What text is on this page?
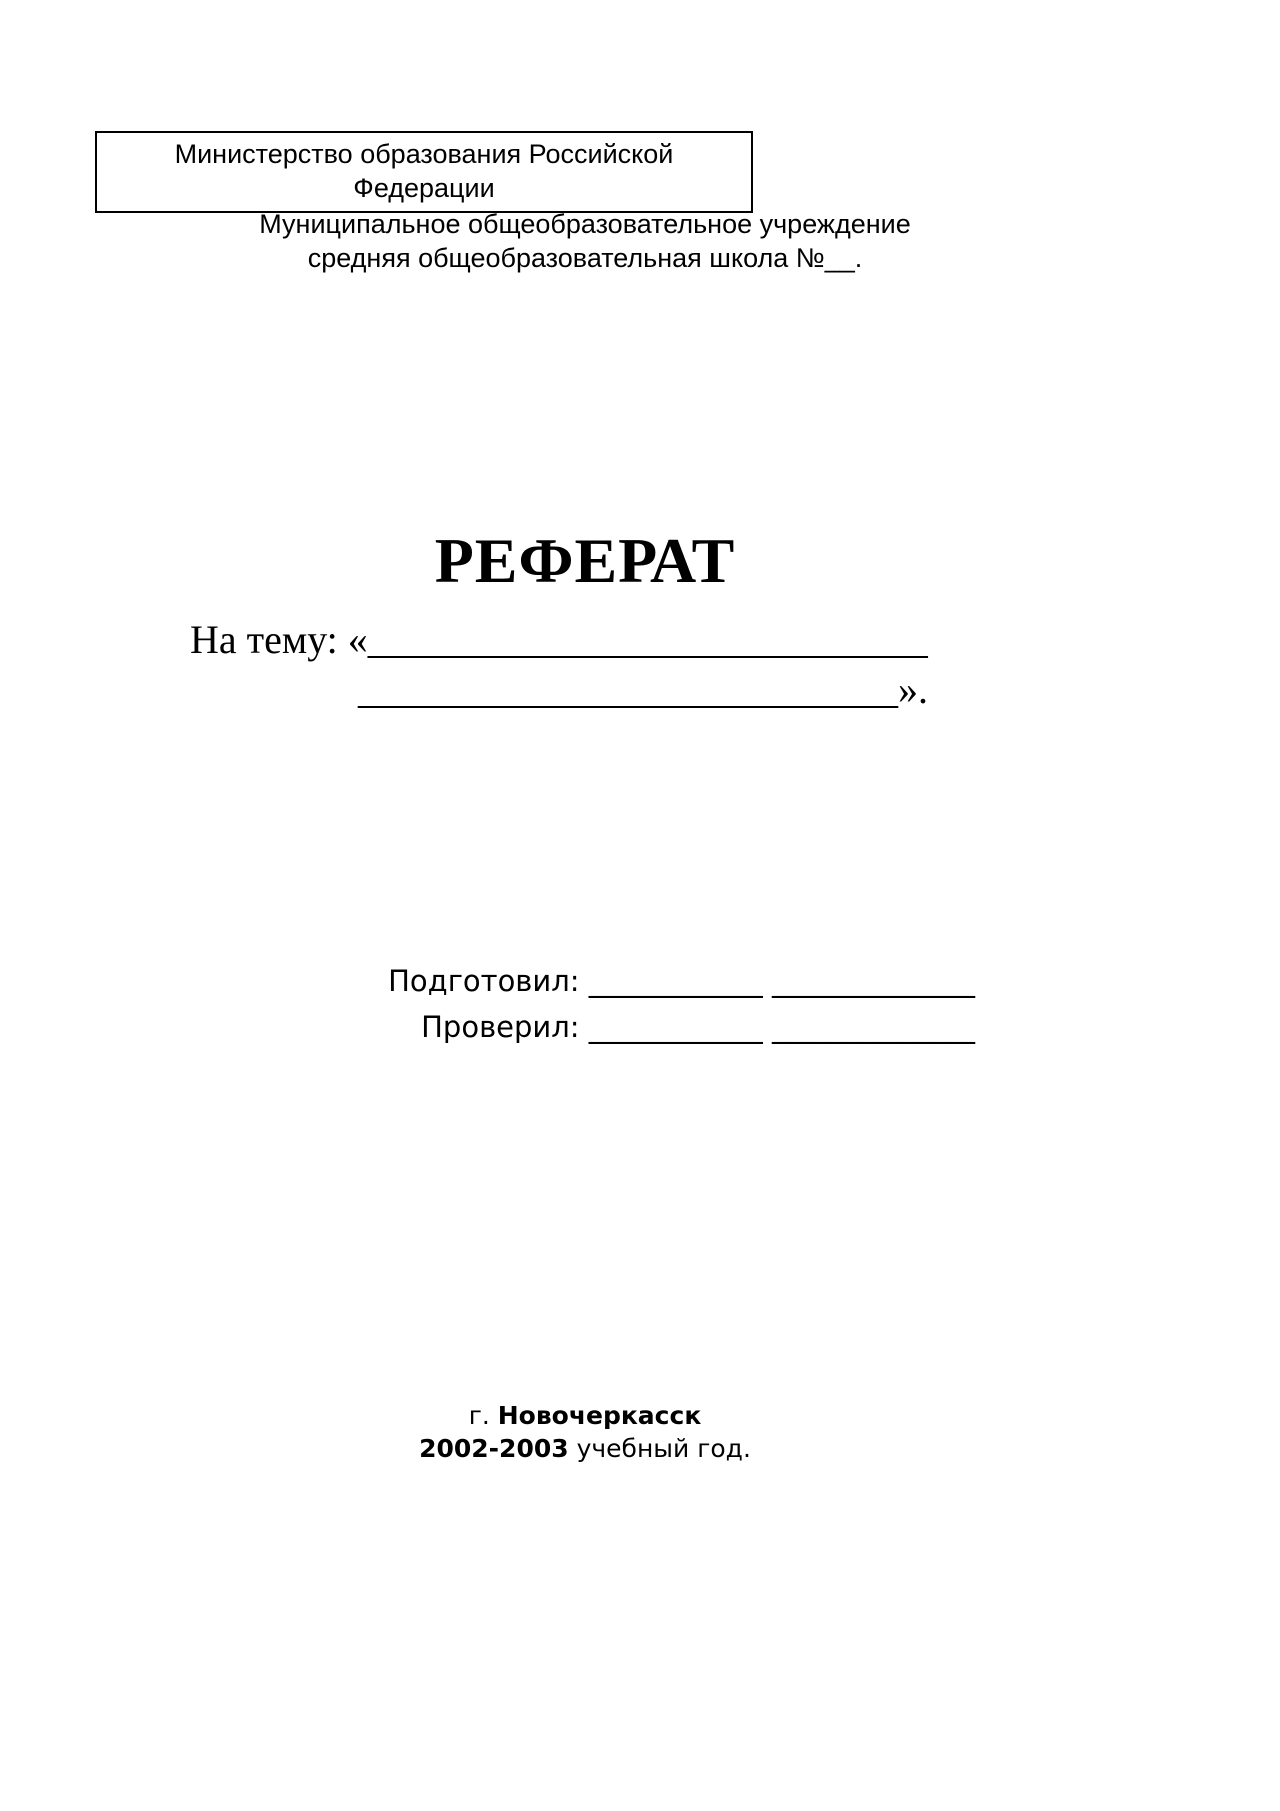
Министерство образования Российской
Федерации
Муниципальное общеобразовательное учреждение
средняя общеобразовательная школа №__.
РЕФЕРАТ
На тему: «____________________________
___________________________».
Подготовил: ____________ ______________
Проверил: ____________ ______________
г. Новочеркасск
2002-2003 учебный год.
